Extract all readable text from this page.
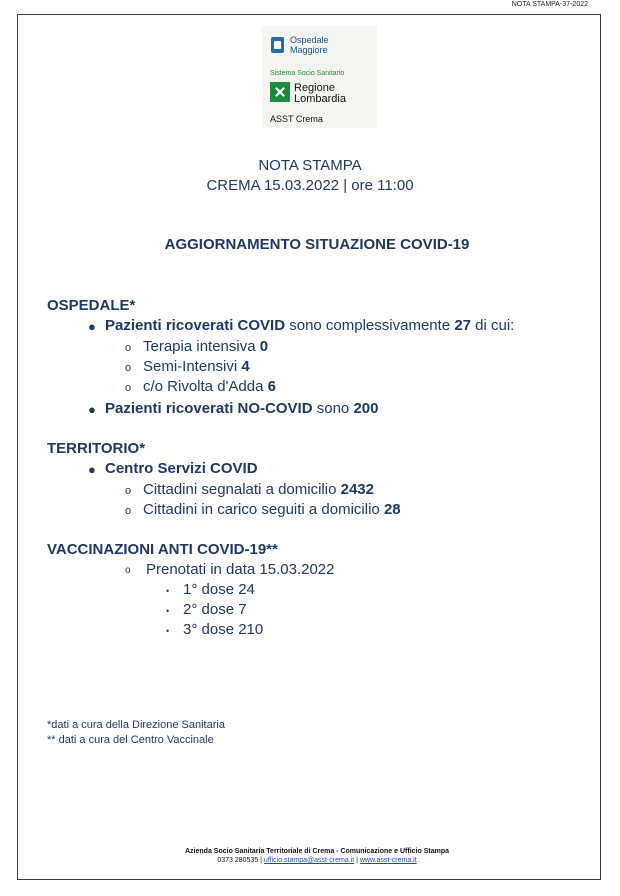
NOTA STAMPA-37-2022
Ospedale
Maggiore
Sistema Socio Sanitario
Regione
Lombardia
ASST Crema
NOTA STAMPA
CREMA 15.03.2022 | ore 11:00
AGGIORNAMENTO SITUAZIONE COVID-19
OSPEDALE*
● Pazienti ricoverati COVID sono complessivamente 27 di cui:
o Terapia intensiva 0
o Semi-Intensivi 4
o c/o Rivolta d'Adda 6
● Pazienti ricoverati NO-COVID sono 200
TERRITORIO*
● Centro Servizi COVID
o Cittadini segnalati a domicilio 2432
o Cittadini in carico seguiti a domicilio 28
VACCINAZIONI ANTI COVID-19**
o Prenotati in data 15.03.2022
• 1° dose 24
• 2° dose 7
• 3° dose 210
*dati a cura della Direzione Sanitaria
** dati a cura del Centro Vaccinale
Azienda Socio Sanitaria Territoriale di Crema - Comunicazione e Ufficio Stampa
0373 280535 | ufficio.stampa@asst-crema.it | www.asst-crema.it
